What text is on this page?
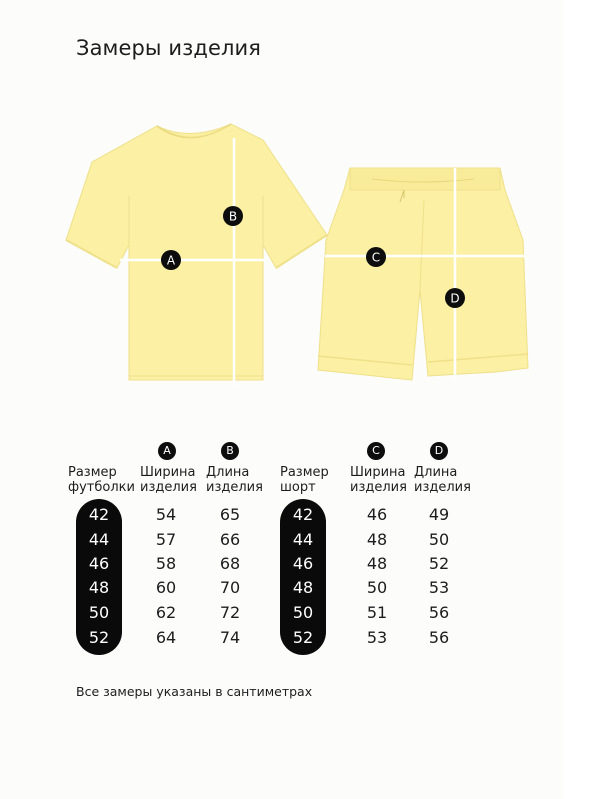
Замеры изделия
A
B
C
D
Размер
футболки
A
Ширина
изделия
B
Длина
изделия
42
44
46
48
50
52
54
57
58
60
62
64
65
66
68
70
72
74
Размер
шорт
C
Ширина
изделия
D
Длина
изделия
42
44
46
48
50
52
46
48
48
50
51
53
49
50
52
53
56
56
Все замеры указаны в сантиметрах
